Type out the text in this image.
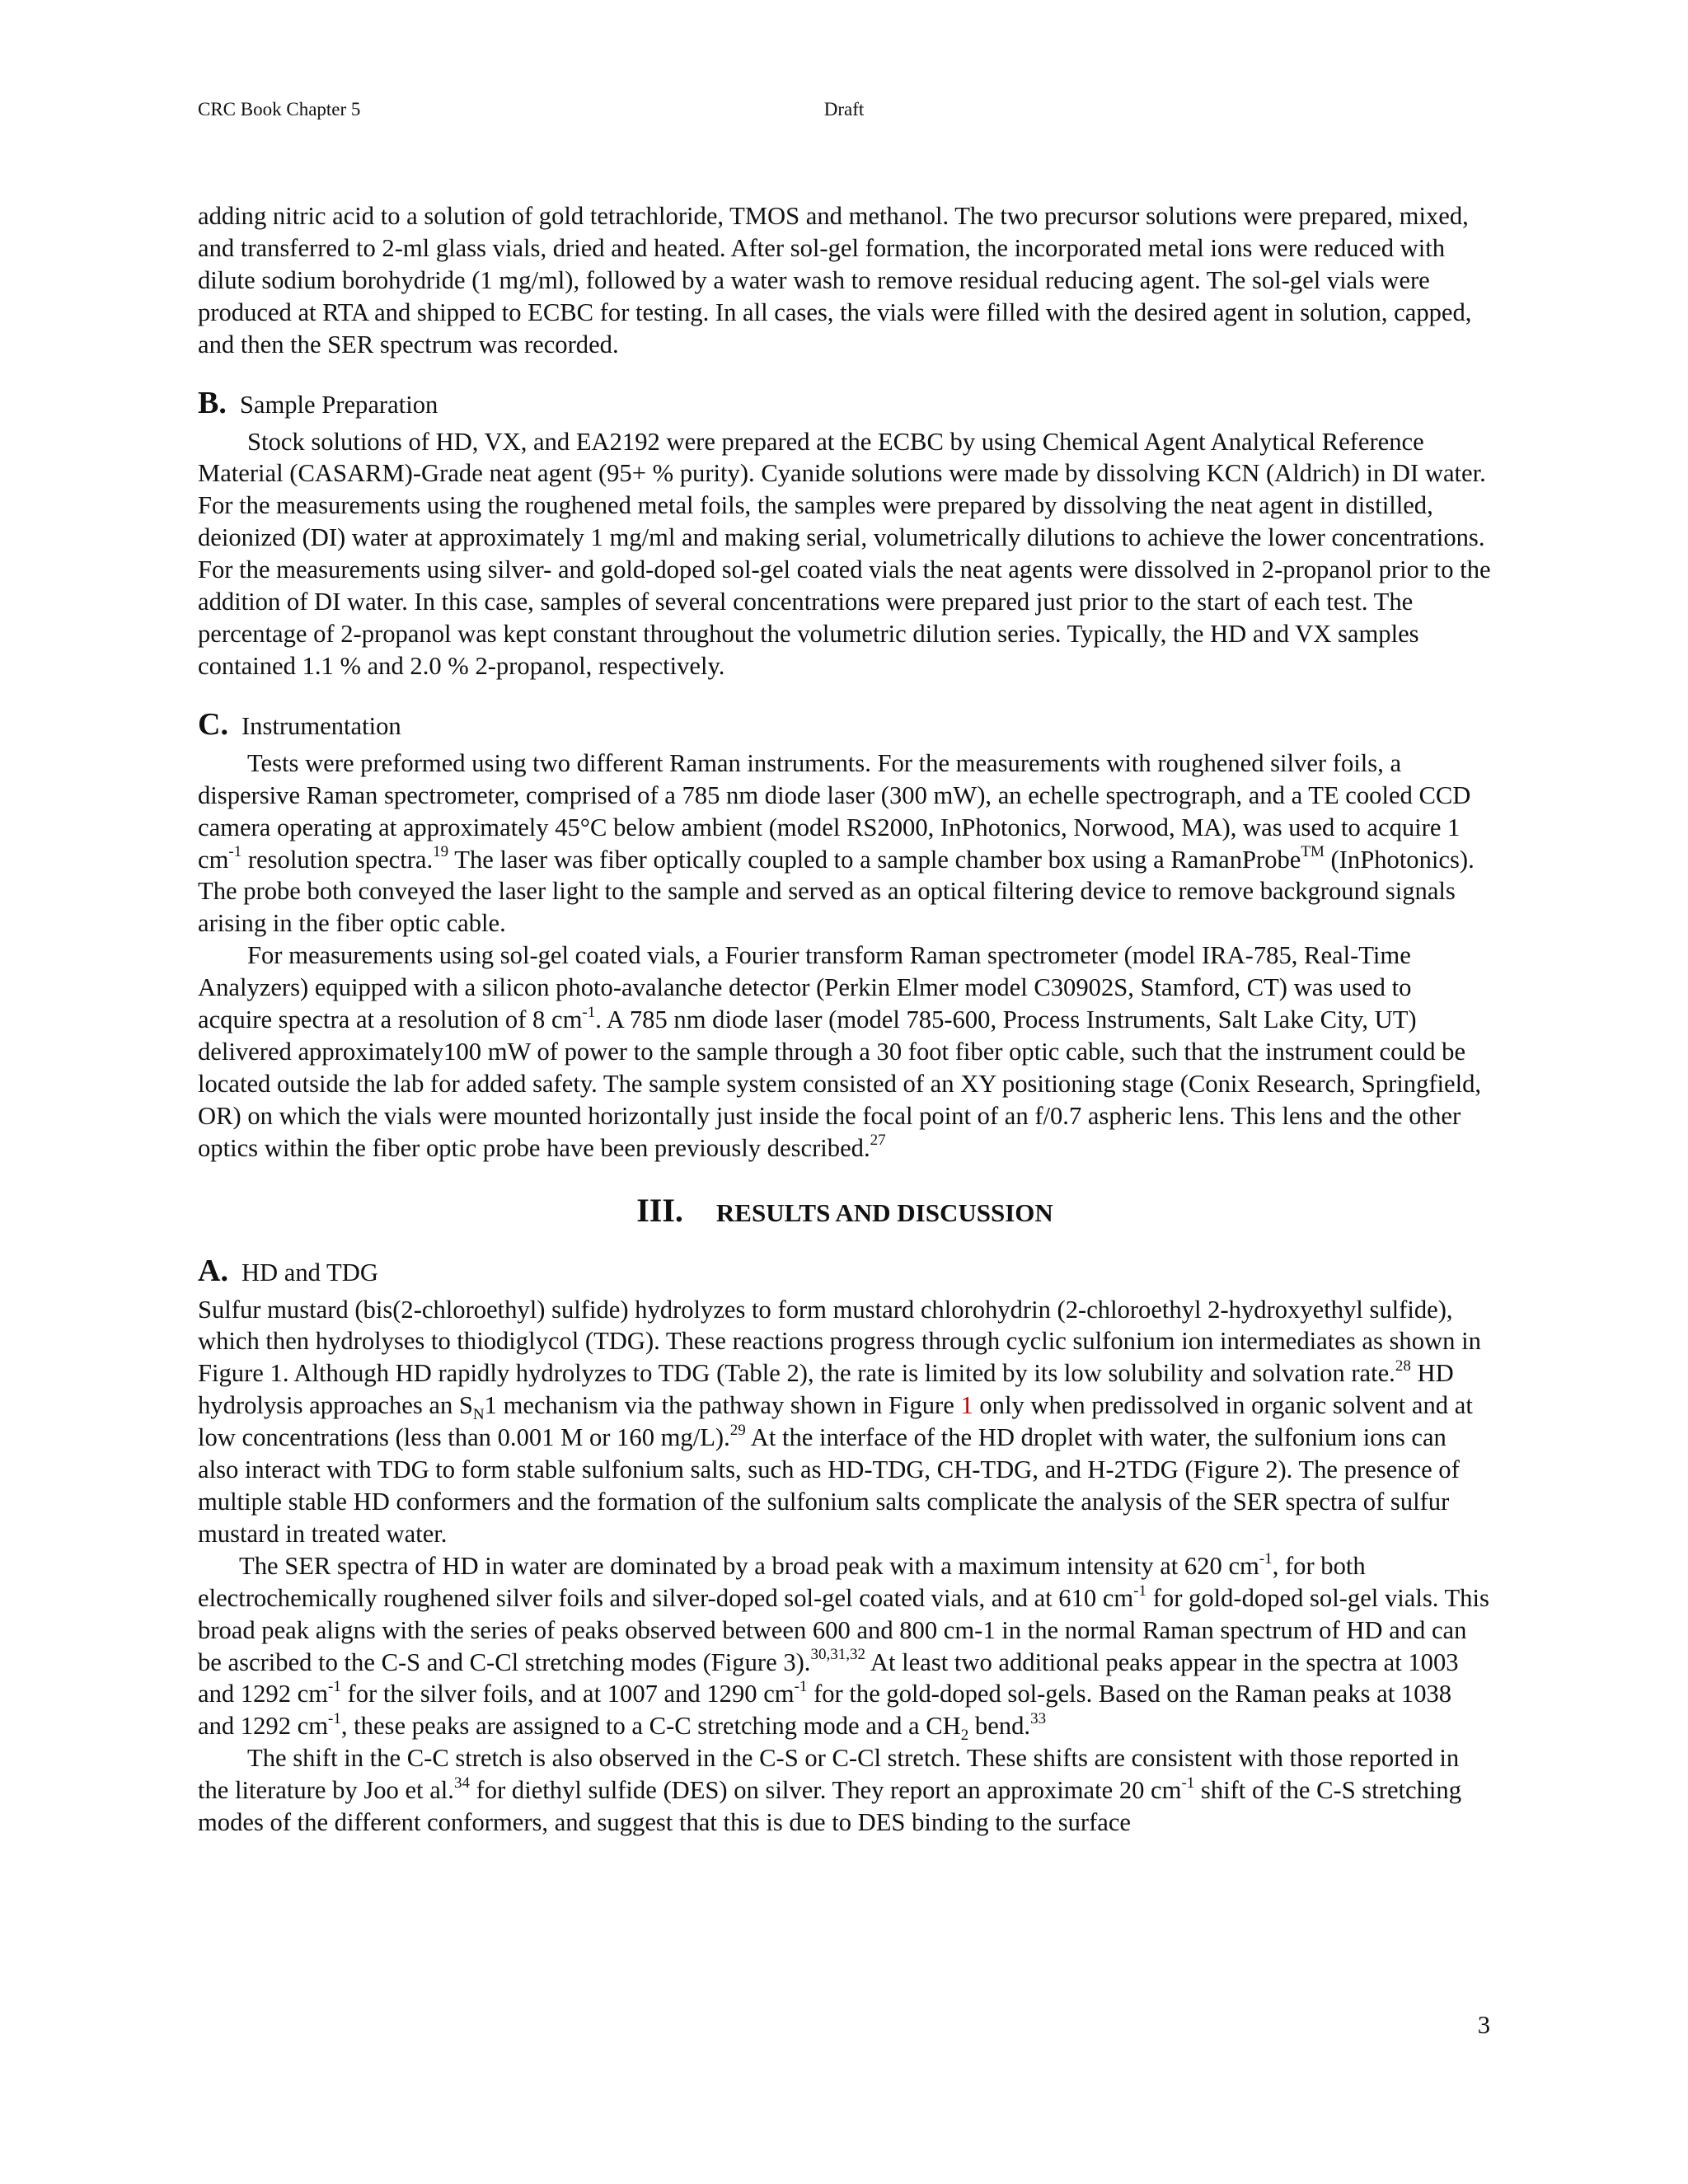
CRC Book Chapter 5	Draft

adding nitric acid to a solution of gold tetrachloride, TMOS and methanol. The two precursor solutions were prepared, mixed, and transferred to 2-ml glass vials, dried and heated. After sol-gel formation, the incorporated metal ions were reduced with dilute sodium borohydride (1 mg/ml), followed by a water wash to remove residual reducing agent. The sol-gel vials were produced at RTA and shipped to ECBC for testing. In all cases, the vials were filled with the desired agent in solution, capped, and then the SER spectrum was recorded.

B. Sample Preparation

Stock solutions of HD, VX, and EA2192 were prepared at the ECBC by using Chemical Agent Analytical Reference Material (CASARM)-Grade neat agent (95+ % purity). Cyanide solutions were made by dissolving KCN (Aldrich) in DI water. For the measurements using the roughened metal foils, the samples were prepared by dissolving the neat agent in distilled, deionized (DI) water at approximately 1 mg/ml and making serial, volumetrically dilutions to achieve the lower concentrations. For the measurements using silver- and gold-doped sol-gel coated vials the neat agents were dissolved in 2-propanol prior to the addition of DI water. In this case, samples of several concentrations were prepared just prior to the start of each test. The percentage of 2-propanol was kept constant throughout the volumetric dilution series. Typically, the HD and VX samples contained 1.1 % and 2.0 % 2-propanol, respectively.

C. Instrumentation

Tests were preformed using two different Raman instruments. For the measurements with roughened silver foils, a dispersive Raman spectrometer, comprised of a 785 nm diode laser (300 mW), an echelle spectrograph, and a TE cooled CCD camera operating at approximately 45°C below ambient (model RS2000, InPhotonics, Norwood, MA), was used to acquire 1 $cm^{-1}$ resolution spectra.$^{19}$ The laser was fiber optically coupled to a sample chamber box using a RamanProbe™ (InPhotonics). The probe both conveyed the laser light to the sample and served as an optical filtering device to remove background signals arising in the fiber optic cable.

For measurements using sol-gel coated vials, a Fourier transform Raman spectrometer (model IRA-785, Real-Time Analyzers) equipped with a silicon photo-avalanche detector (Perkin Elmer model C30902S, Stamford, CT) was used to acquire spectra at a resolution of 8 $cm^{-1}$. A 785 nm diode laser (model 785-600, Process Instruments, Salt Lake City, UT) delivered approximately100 mW of power to the sample through a 30 foot fiber optic cable, such that the instrument could be located outside the lab for added safety. The sample system consisted of an XY positioning stage (Conix Research, Springfield, OR) on which the vials were mounted horizontally just inside the focal point of an f/0.7 aspheric lens. This lens and the other optics within the fiber optic probe have been previously described.$^{27}$

III. RESULTS AND DISCUSSION
A. HD and TDG

Sulfur mustard (bis(2-chloroethyl) sulfide) hydrolyzes to form mustard chlorohydrin (2-chloroethyl 2-hydroxyethyl sulfide), which then hydrolyses to thiodiglycol (TDG). These reactions progress through cyclic sulfonium ion intermediates as shown in Figure 1. Although HD rapidly hydrolyzes to TDG (Table 2), the rate is limited by its low solubility and solvation rate.$^{28}$ HD hydrolysis approaches an $S_N1$ mechanism via the pathway shown in Figure 1 only when predissolved in organic solvent and at low concentrations (less than 0.001 M or 160 mg/L).$^{29}$ At the interface of the HD droplet with water, the sulfonium ions can also interact with TDG to form stable sulfonium salts, such as HD-TDG, CH-TDG, and H-2TDG (Figure 2). The presence of multiple stable HD conformers and the formation of the sulfonium salts complicate the analysis of the SER spectra of sulfur mustard in treated water.

The SER spectra of HD in water are dominated by a broad peak with a maximum intensity at 620 $cm^{-1}$, for both electrochemically roughened silver foils and silver-doped sol-gel coated vials, and at 610 $cm^{-1}$ for gold-doped sol-gel vials. This broad peak aligns with the series of peaks observed between 600 and 800 cm-1 in the normal Raman spectrum of HD and can be ascribed to the C-S and C-Cl stretching modes (Figure 3).$^{30,31,32}$ At least two additional peaks appear in the spectra at 1003 and 1292 $cm^{-1}$ for the silver foils, and at 1007 and 1290 $cm^{-1}$ for the gold-doped sol-gels. Based on the Raman peaks at 1038 and 1292 $cm^{-1}$, these peaks are assigned to a C-C stretching mode and a $CH_2$ bend.$^{33}$

The shift in the C-C stretch is also observed in the C-S or C-Cl stretch. These shifts are consistent with those reported in the literature by Joo et al.$^{34}$ for diethyl sulfide (DES) on silver. They report an approximate 20 $cm^{-1}$ shift of the C-S stretching modes of the different conformers, and suggest that this is due to DES binding to the surface

3
